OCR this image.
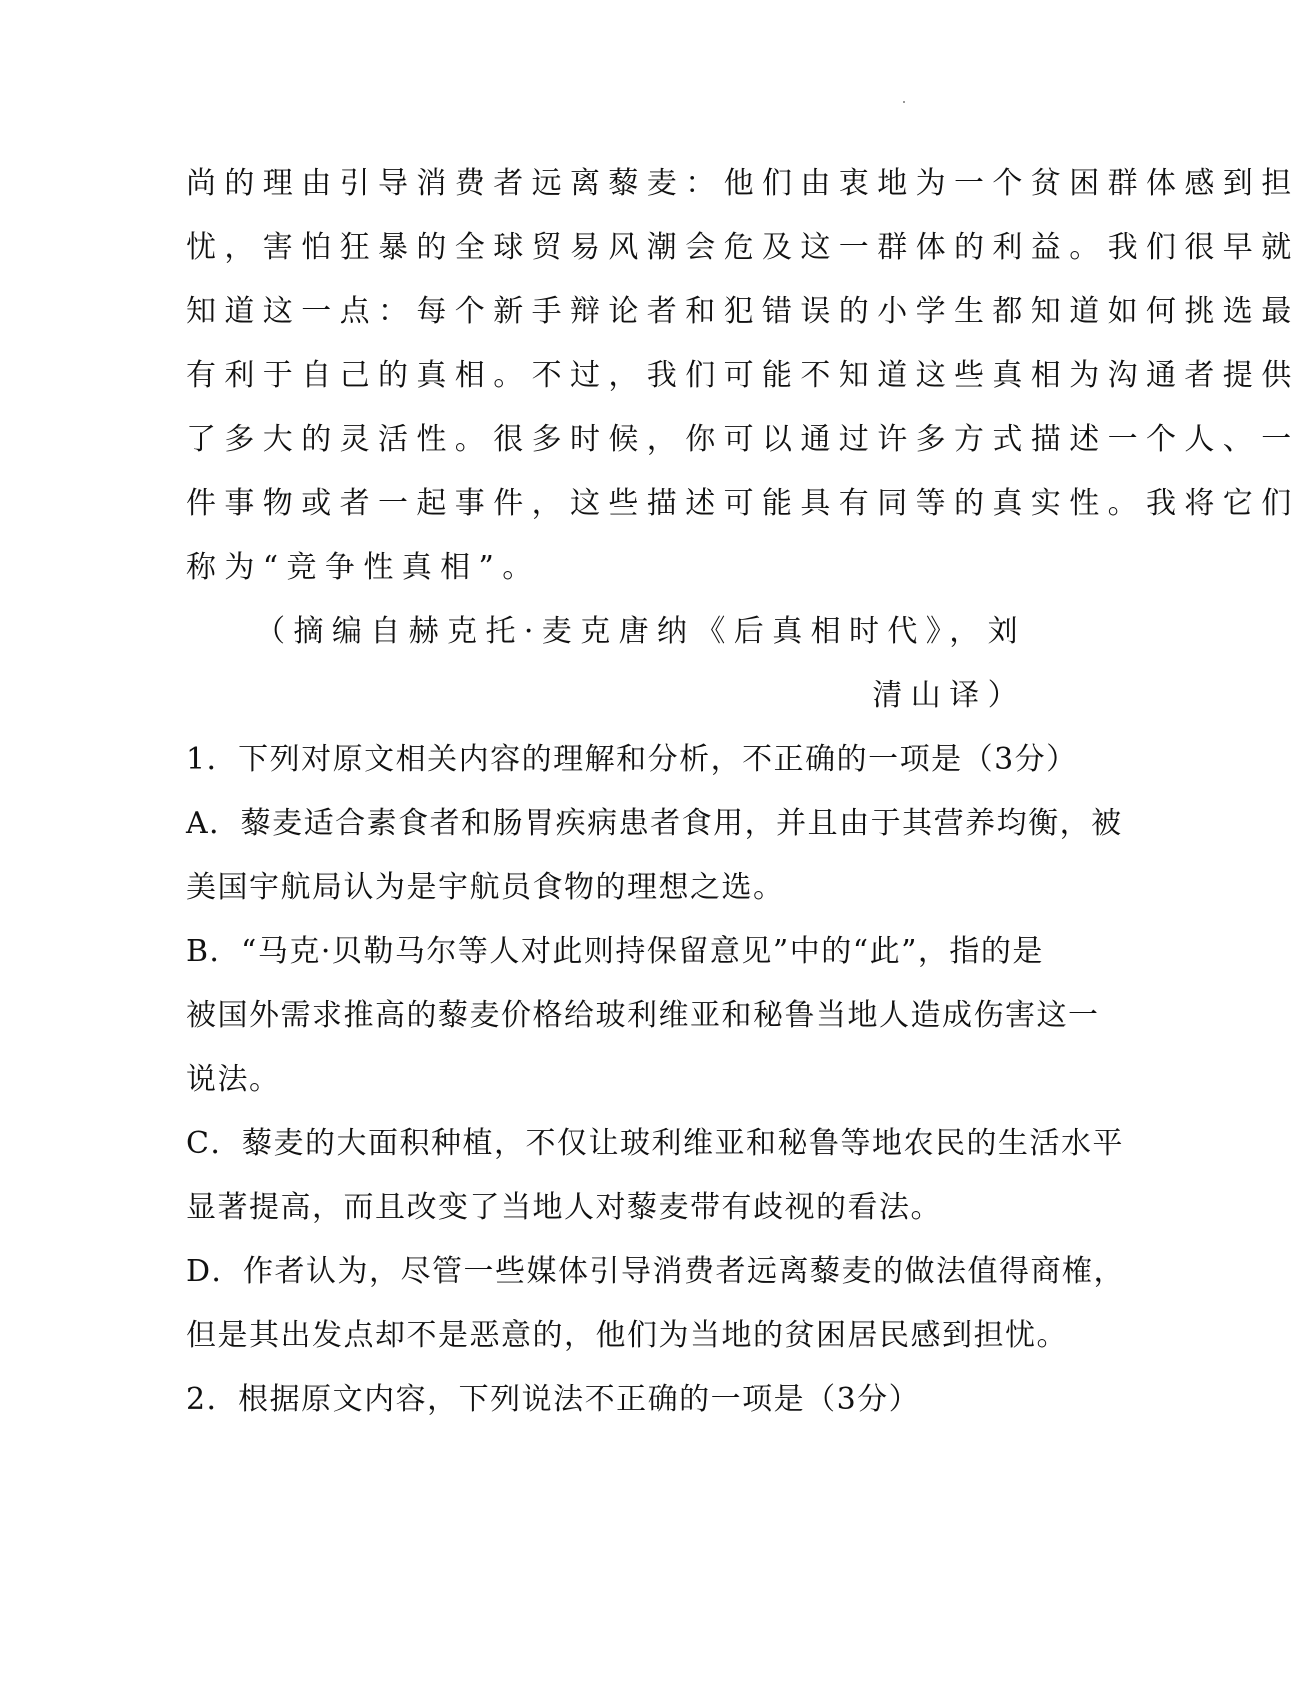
尚的理由引导消费者远离藜麦：他们由衷地为一个贫困群体感到担
忧，害怕狂暴的全球贸易风潮会危及这一群体的利益。我们很早就
知道这一点：每个新手辩论者和犯错误的小学生都知道如何挑选最
有利于自己的真相。不过，我们可能不知道这些真相为沟通者提供
了多大的灵活性。很多时候，你可以通过许多方式描述一个人、一
件事物或者一起事件，这些描述可能具有同等的真实性。我将它们
称为“竞争性真相”。
（摘编自赫克托·麦克唐纳《后真相时代》，刘
清山译）
1．下列对原文相关内容的理解和分析，不正确的一项是（3分）
A．藜麦适合素食者和肠胃疾病患者食用，并且由于其营养均衡，被
美国宇航局认为是宇航员食物的理想之选。
B．“马克·贝勒马尔等人对此则持保留意见”中的“此”，指的是
被国外需求推高的藜麦价格给玻利维亚和秘鲁当地人造成伤害这一
说法。
C．藜麦的大面积种植，不仅让玻利维亚和秘鲁等地农民的生活水平
显著提高，而且改变了当地人对藜麦带有歧视的看法。
D．作者认为，尽管一些媒体引导消费者远离藜麦的做法值得商榷，
但是其出发点却不是恶意的，他们为当地的贫困居民感到担忧。
2．根据原文内容，下列说法不正确的一项是（3分）
